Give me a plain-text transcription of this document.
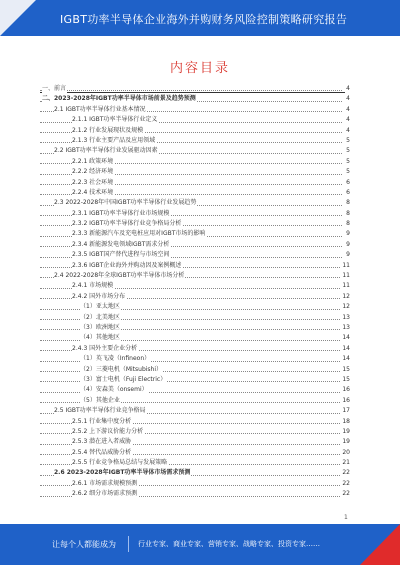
IGBT功率半导体企业海外并购财务风险控制策略研究报告
内容目录
一、前言	4
二、2023-2028年IGBT功率半导体市场前景及趋势预测	4
2.1 IGBT功率半导体行业基本情况	4
2.1.1 IGBT功率半导体行业定义	4
2.1.2 行业发展现状及规模	4
2.1.3 行业主要产品及应用领域	5
2.2 IGBT功率半导体行业发展驱动因素	5
2.2.1 政策环境	5
2.2.2 经济环境	5
2.2.3 社会环境	6
2.2.4 技术环境	6
2.3 2022-2028年中国IGBT功率半导体行业发展趋势	8
2.3.1 IGBT功率半导体行业市场规模	8
2.3.2 IGBT功率半导体行业竞争格局分析	8
2.3.3 新能源汽车及充电桩应用对IGBT市场的影响	9
2.3.4 新能源发电领域IGBT需求分析	9
2.3.5 IGBT国产替代进程与市场空间	9
2.3.6 IGBT企业海外并购动因及案例概述	11
2.4 2022-2028年全球IGBT功率半导体市场分析	11
2.4.1 市场规模	11
2.4.2 国外市场分布	12
（1）亚太地区	12
（2）北美地区	13
（3）欧洲地区	13
（4）其他地区	14
2.4.3 国外主要企业分析	14
（1）英飞凌（Infineon）	14
（2）三菱电机（Mitsubishi）	15
（3）富士电机（Fuji Electric）	15
（4）安森美（onsemi）	16
（5）其他企业	16
2.5 IGBT功率半导体行业竞争格局	17
2.5.1 行业集中度分析	18
2.5.2 上下游议价能力分析	19
2.5.3 潜在进入者威胁	19
2.5.4 替代品威胁分析	20
2.5.5 行业竞争格局总结与发展策略	21
2.6 2023-2028年IGBT功率半导体市场需求预测	22
2.6.1 市场需求规模预测	22
2.6.2 细分市场需求预测	22
1
让每个人都能成为	行业专家、商业专家、营销专家、战略专家、投资专家……
